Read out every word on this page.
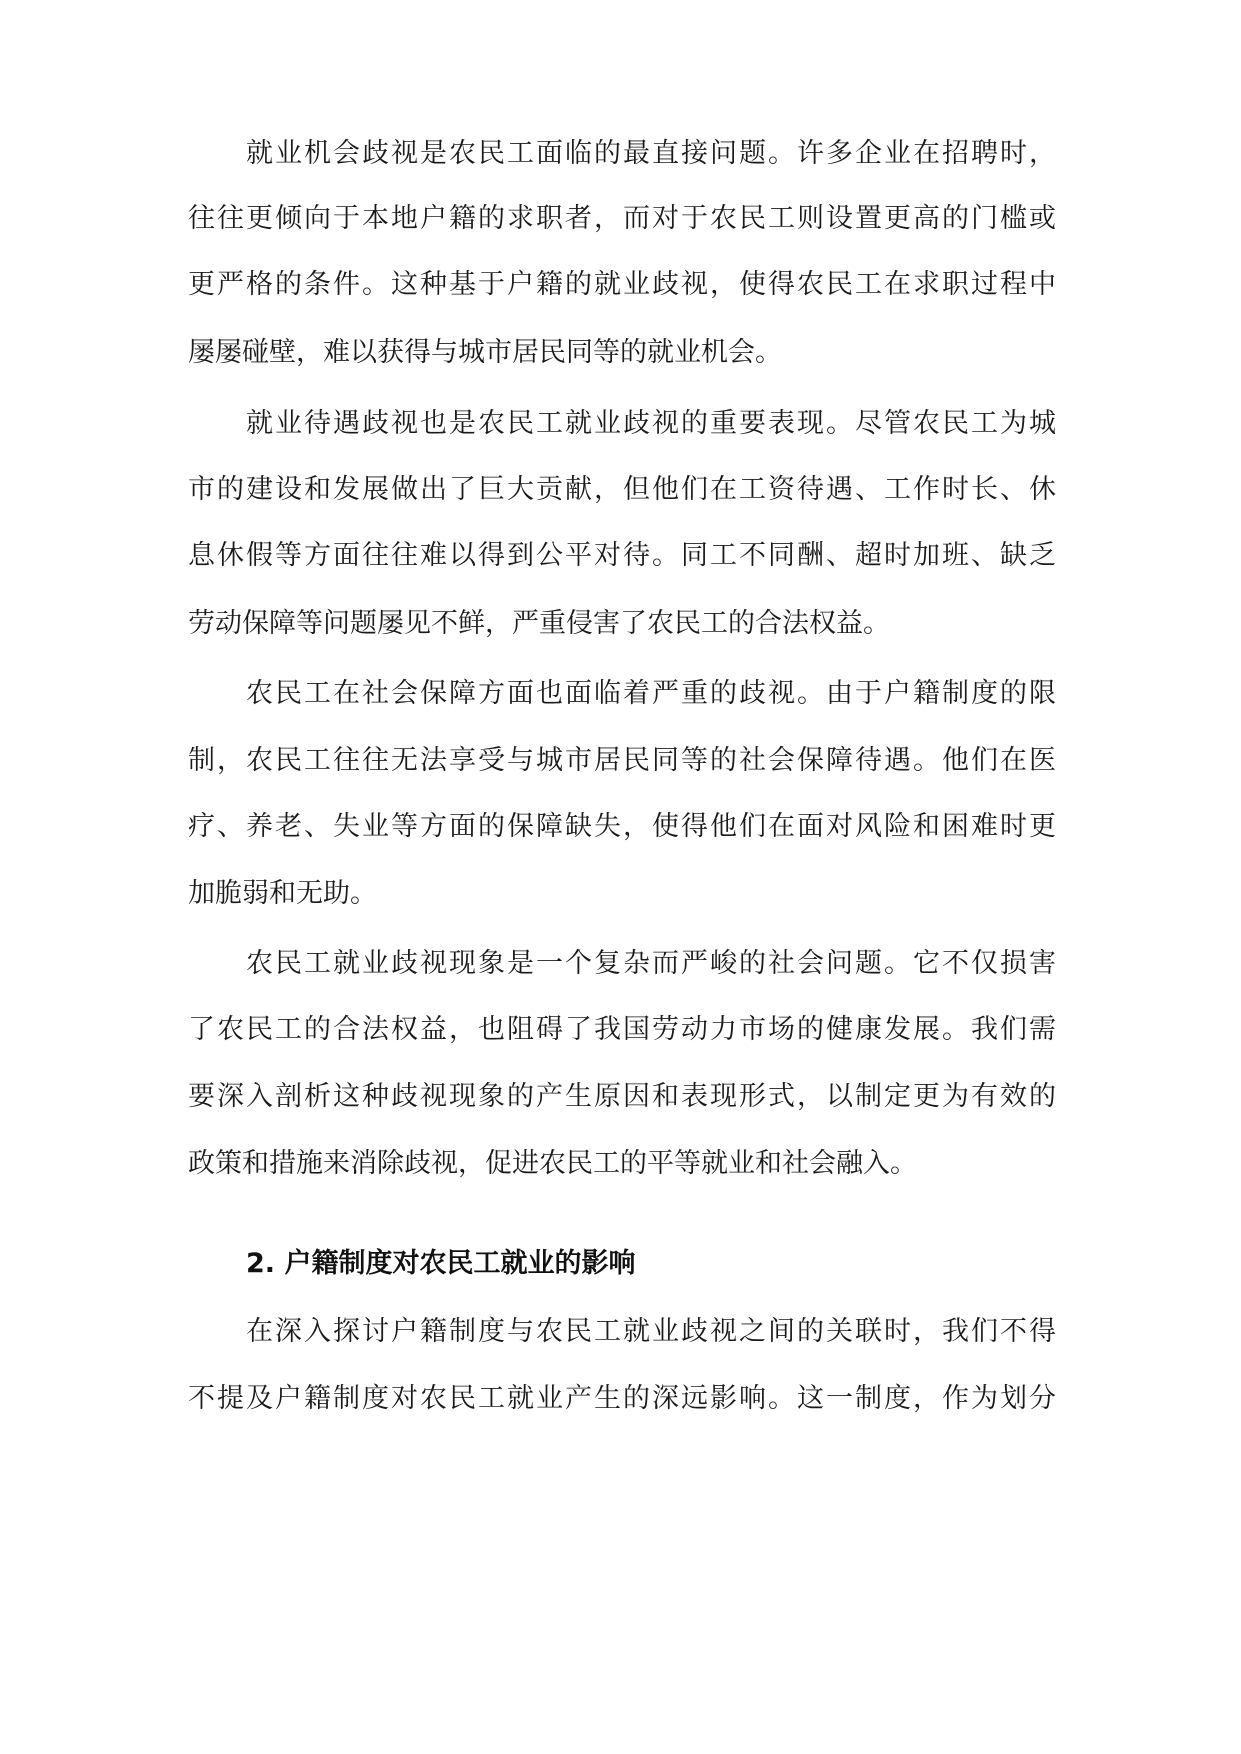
就业机会歧视是农民工面临的最直接问题。许多企业在招聘时，
往往更倾向于本地户籍的求职者，而对于农民工则设置更高的门槛或
更严格的条件。这种基于户籍的就业歧视，使得农民工在求职过程中
屡屡碰壁，难以获得与城市居民同等的就业机会。
就业待遇歧视也是农民工就业歧视的重要表现。尽管农民工为城
市的建设和发展做出了巨大贡献，但他们在工资待遇、工作时长、休
息休假等方面往往难以得到公平对待。同工不同酬、超时加班、缺乏
劳动保障等问题屡见不鲜，严重侵害了农民工的合法权益。
农民工在社会保障方面也面临着严重的歧视。由于户籍制度的限
制，农民工往往无法享受与城市居民同等的社会保障待遇。他们在医
疗、养老、失业等方面的保障缺失，使得他们在面对风险和困难时更
加脆弱和无助。
农民工就业歧视现象是一个复杂而严峻的社会问题。它不仅损害
了农民工的合法权益，也阻碍了我国劳动力市场的健康发展。我们需
要深入剖析这种歧视现象的产生原因和表现形式，以制定更为有效的
政策和措施来消除歧视，促进农民工的平等就业和社会融入。
2. 户籍制度对农民工就业的影响
在深入探讨户籍制度与农民工就业歧视之间的关联时，我们不得
不提及户籍制度对农民工就业产生的深远影响。这一制度，作为划分
